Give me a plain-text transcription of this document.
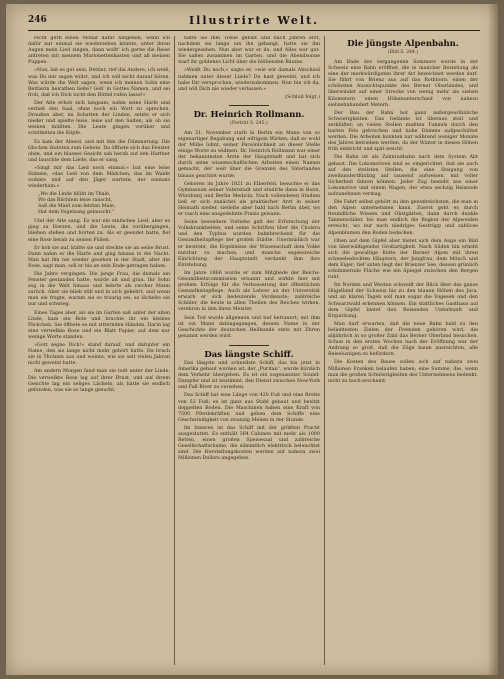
246	Illustrirte Welt.

recht gern einen Monat dafür hingeben, wenn ich dafür nur einmal sie wiedersehen könnte, unter ihren Augen mein Lied singen, dann wollt' ich gerne die Reise antreten mit meinem Marionettenkasten und all meinen Puppen.

»Nun, laß es gut sein, Bettler, rief die Andere, ich weiß, was Du mir sagen willst, und ich will nicht darauf hören. Was würde die Welt sagen, wenn ich meinen Sohn eine Bettlerin heirathen ließe? Geh' in Gottes Namen, und sei froh, daß ich Dich nicht den Büttel rufen lasse!«

Der Alte erhob sich langsam, nahm seine Harfe und verließ den Saal, ohne noch ein Wort zu sprechen. Draußen aber, im Schatten der Linden, setzte er sich nieder und spielte leise, leise auf den Saiten, als ob sie weinen müßten. Die Leute gingen vorüber und schüttelten die Köpfe.

Es kam der Abend, und mit ihm die Dämmerung. Die Glocken läuteten zum Gebete. Da öffnete sich das Fenster oben, und ein blasses Gesicht sah herab auf den Harfner und lauschte dem Liede, das er sang.

»Singt mir das Lied noch einmal,« bat eine leise Stimme, »das Lied von dem Mädchen, das im Walde wohnte und auf den Jäger wartete, der niemals wiederkam.«

„Wo die Linde blüht im Thale,
Wo das Bächlein leise rauscht,
Saß die Maid zum letzten Male,
Hat dem Vogelsang gelauscht.“

Und der Alte sang. Es war ein einfaches Lied, aber es ging zu Herzen, und die Leute, die vorübergingen, blieben stehen und hörten zu. Als er geendet hatte, fiel eine Rose herab zu seinen Füßen.

Er hob sie auf, küßte sie und steckte sie an seine Brust. Dann nahm er die Harfe und ging hinaus in die Nacht. Man hat ihn nie wieder gesehen in der Stadt, aber die Rose, sagt man, soll er bis an sein Ende getragen haben.

Die Jahre vergingen. Die junge Frau, die damals am Fenster gestanden hatte, wurde alt und grau. Ihr Sohn zog in die Welt hinaus und kehrte als reicher Mann zurück. Aber sie blieb still und in sich gekehrt, und wenn man sie fragte, warum sie so traurig sei, so lächelte sie nur und schwieg.

Eines Tages aber, als sie im Garten saß unter der alten Linde, kam ein Bote und brachte ihr ein kleines Päckchen. Sie öffnete es mit zitternden Händen. Darin lag eine verwelkte Rose und ein Blatt Papier, auf dem nur wenige Worte standen.

»Gott segne Dich!« stand darauf, und darunter ein Name, den sie lange nicht mehr gehört hatte. Da brach sie in Thränen aus und weinte, wie sie seit vielen Jahren nicht geweint hatte.

Am andern Morgen fand man sie todt unter der Linde. Die verwelkte Rose lag auf ihrer Brust, und auf ihrem Gesichte lag ein seliges Lächeln, als hätte sie endlich gefunden, was sie so lange gesucht.

hatte sie ihm Treue gelobt und nach Jahren erst, nachdem sie lange um ihn gebangt, hatte sie ihn wiedergesehen. Nun aber war er da, und Alles war gut. Sie saßen zusammen im Garten, und die Abendsonne warf ihr goldenes Licht über die blühenden Bäume.

»Weißt Du noch,« sagte er, »wie wir damals Abschied nahmen unter dieser Linde? Du hast geweint, und ich habe Dir versprochen, wiederzukommen. Nun bin ich da, und will Dich nie wieder verlassen.«

(Schluß folgt.)
Dr. Heinrich Rollmann.
(Porträt S. 245.)

Am 21. November starb in Berlin ein Mann von so eigenartiger Begabung und eifrigem Wirken, daß es wohl der Mühe lohnt, seiner Persönlichkeit an dieser Stelle einige Worte zu widmen. Dr. Heinrich Rollmann war einer der bekanntesten Ärzte der Hauptstadt und hat sich durch seine wissenschaftlichen Arbeiten einen Namen gemacht, der weit über die Grenzen des Vaterlandes hinaus geachtet wurde.

Geboren im Jahre 1821 zu Elberfeld, besuchte er das Gymnasium seiner Vaterstadt und studirte dann in Bonn, Würzburg und Berlin Medicin. Nach vollendeten Studien ließ er sich zunächst als praktischer Arzt in seiner Heimath nieder, siedelte aber bald nach Berlin über, wo er rasch eine ausgedehnte Praxis gewann.

Seine besondere Vorliebe galt der Erforschung der Volkskrankheiten, und seine Schriften über die Cholera und den Typhus wurden bahnbrechend für die Gesundheitspflege der großen Städte. Unermüdlich war er bestrebt, die Ergebnisse der Wissenschaft dem Volke nutzbar zu machen, und manche segensreiche Einrichtung der Hauptstadt verdankt ihm ihre Entstehung.

Im Jahre 1866 wurde er zum Mitgliede der Reichs-Gesundheitscommission ernannt und wirkte hier mit großem Erfolge für die Verbesserung der öffentlichen Gesundheitspflege. Auch als Lehrer an der Universität erwarb er sich bedeutende Verdienste; zahlreiche Schüler, die heute in allen Theilen des Reiches wirken, verehren in ihm ihren Meister.

Sein Tod wurde allgemein und tief betrauert; mit ihm ist ein Mann dahingegangen, dessen Name in der Geschichte der deutschen Heilkunde stets mit Ehren genannt werden wird.

Das längste Schiff.

Das längste und schnellste Schiff, das bis jetzt in Amerika gebaut worden ist, der „Puritan“, wurde kürzlich dem Verkehr übergeben. Es ist ein sogenannter Sound-Dampfer und ist bestimmt, den Dienst zwischen New-York und Fall River zu versehen.

Das Schiff hat eine Länge von 420 Fuß und eine Breite von 52 Fuß; es ist ganz aus Stahl gebaut und besitzt doppelten Boden. Die Maschinen haben eine Kraft von 7500 Pferdekräften und geben dem Schiffe eine Geschwindigkeit von zwanzig Meilen in der Stunde.

Im Inneren ist das Schiff mit der größten Pracht ausgestattet. Es enthält 364 Cabinen mit mehr als 1000 Betten, einen großen Speisesaal und zahlreiche Gesellschaftsräume, die sämmtlich elektrisch beleuchtet sind. Die Herstellungskosten werden auf nahezu zwei Millionen Dollars angegeben.

Die jüngste Alpenbahn.
(Bild S. 244.)

Am Ende des vergangenen Sommers wurde in der Schweiz eine Bahn eröffnet, die in mancher Beziehung als eine der merkwürdigsten ihrer Art bezeichnet werden darf. Sie führt von Brienz aus auf das Rothhorn, einen der schönsten Aussichtspunkte des Berner Oberlandes, und überwindet auf einer Strecke von wenig mehr als sieben Kilometern einen Höhenunterschied von nahezu siebzehnhundert Metern.

Der Bau der Bahn bot ganz außergewöhnliche Schwierigkeiten. Das Gelände ist überaus steil und zerklüftet; an vielen Stellen mußten Tunnels durch den harten Fels gebrochen und hohe Dämme aufgeschüttet werden. Die Arbeiten konnten nur während weniger Monate des Jahres betrieben werden, da der Winter in diesen Höhen früh einbricht und spät weicht.

Die Bahn ist als Zahnradbahn nach dem System Abt gebaut. Die Lokomotiven sind so eingerichtet, daß sie auch auf den steilsten Stellen, die eine Steigung von zweihundertfünfzig auf tausend aufweisen, mit voller Sicherheit fahren können. Jeder Zug besteht aus einer Lokomotive und einem Wagen, der etwa sechzig Reisende aufzunehmen vermag.

Die Fahrt selbst gehört zu den genußreichsten, die man in den Alpen unternehmen kann. Zuerst geht es durch freundliche Wiesen und Obstgärten, dann durch dunkle Tannenwälder, bis man endlich die Region der Alpweiden erreicht, wo nur noch niedriges Gestrüpp und zahllose Alpenblumen den Boden bedecken.

Oben auf dem Gipfel aber bietet sich dem Auge ein Bild von überwältigender Großartigkeit. Nach Süden hin erhebt sich die gewaltige Kette der Berner Alpen mit ihren schneebedeckten Häuptern, der Jungfrau, dem Mönch und dem Eiger; tief unten liegt der Brienzer See, dessen grünlich schimmernde Fläche wie ein Spiegel zwischen den Bergen ruht.

Im Norden und Westen schweift der Blick über das ganze Hügelland der Schweiz bis zu den blauen Höhen des Jura, und an klaren Tagen soll man sogar die Vogesen und den Schwarzwald erkennen können. Ein stattliches Gasthaus auf dem Gipfel bietet den Reisenden Unterkunft und Erquickung.

Man darf erwarten, daß die neue Bahn bald zu den beliebtesten Zielen der Fremden gehören wird, die alljährlich in so großer Zahl das Berner Oberland besuchen. Schon in den ersten Wochen nach der Eröffnung war der Andrang so groß, daß die Züge kaum ausreichten, alle Reiselustigen zu befördern.

Die Kosten des Baues sollen sich auf nahezu zwei Millionen Franken belaufen haben; eine Summe, die, wenn man die großen Schwierigkeiten des Unternehmens bedenkt, nicht zu hoch erscheint.
